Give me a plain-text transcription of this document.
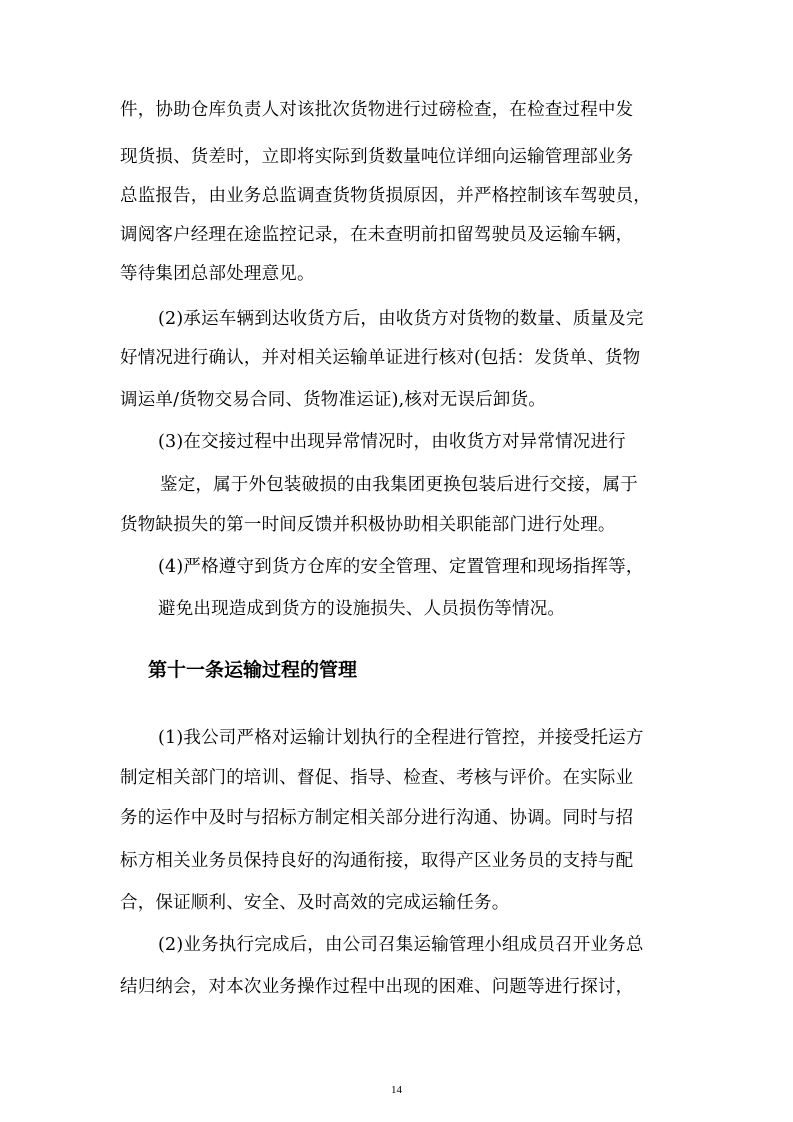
件，协助仓库负责人对该批次货物进行过磅检查，在检查过程中发
现货损、货差时，立即将实际到货数量吨位详细向运输管理部业务
总监报告，由业务总监调查货物货损原因，并严格控制该车驾驶员，
调阅客户经理在途监控记录，在未查明前扣留驾驶员及运输车辆，
等待集团总部处理意见。
(2)承运车辆到达收货方后，由收货方对货物的数量、质量及完
好情况进行确认，并对相关运输单证进行核对(包括：发货单、货物
调运单/货物交易合同、货物准运证),核对无误后卸货。
(3)在交接过程中出现异常情况时，由收货方对异常情况进行
鉴定，属于外包装破损的由我集团更换包装后进行交接，属于
货物缺损失的第一时间反馈并积极协助相关职能部门进行处理。
(4)严格遵守到货方仓库的安全管理、定置管理和现场指挥等，
避免出现造成到货方的设施损失、人员损伤等情况。
第十一条运输过程的管理
(1)我公司严格对运输计划执行的全程进行管控，并接受托运方
制定相关部门的培训、督促、指导、检查、考核与评价。在实际业
务的运作中及时与招标方制定相关部分进行沟通、协调。同时与招
标方相关业务员保持良好的沟通衔接，取得产区业务员的支持与配
合，保证顺利、安全、及时高效的完成运输任务。
(2)业务执行完成后，由公司召集运输管理小组成员召开业务总
结归纳会，对本次业务操作过程中出现的困难、问题等进行探讨，
14
